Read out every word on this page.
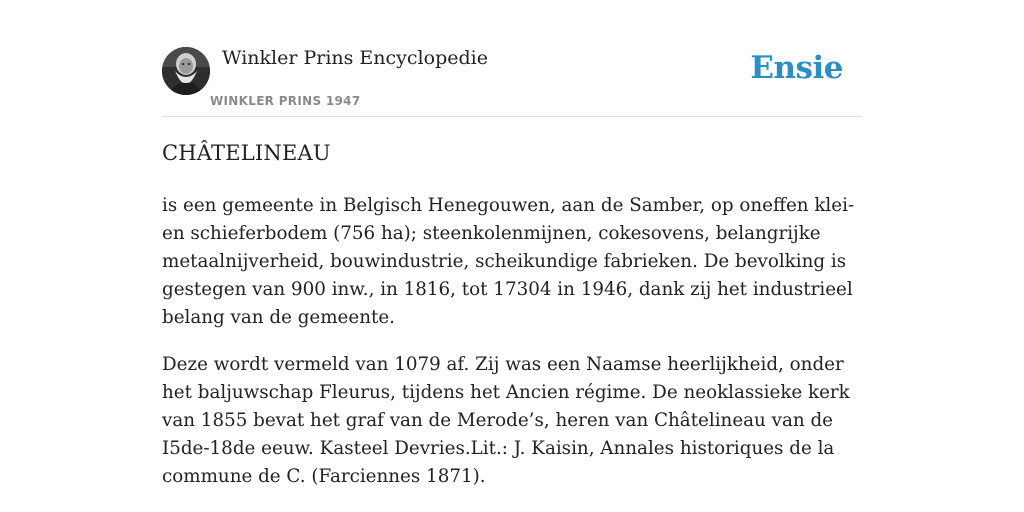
Winkler Prins Encyclopedie
WINKLER PRINS 1947
Ensie
CHÂTELINEAU

is een gemeente in Belgisch Henegouwen, aan de Samber, op oneffen klei- en schieferbodem (756 ha); steenkolenmijnen, cokesovens, belangrijke metaalnijverheid, bouwindustrie, scheikundige fabrieken. De bevolking is gestegen van 900 inw., in 1816, tot 17304 in 1946, dank zij het industrieel belang van de gemeente.

Deze wordt vermeld van 1079 af. Zij was een Naamse heerlijkheid, onder het baljuwschap Fleurus, tijdens het Ancien régime. De neoklassieke kerk van 1855 bevat het graf van de Merode’s, heren van Châtelineau van de I5de-18de eeuw. Kasteel Devries.Lit.: J. Kaisin, Annales historiques de la commune de C. (Farciennes 1871).
